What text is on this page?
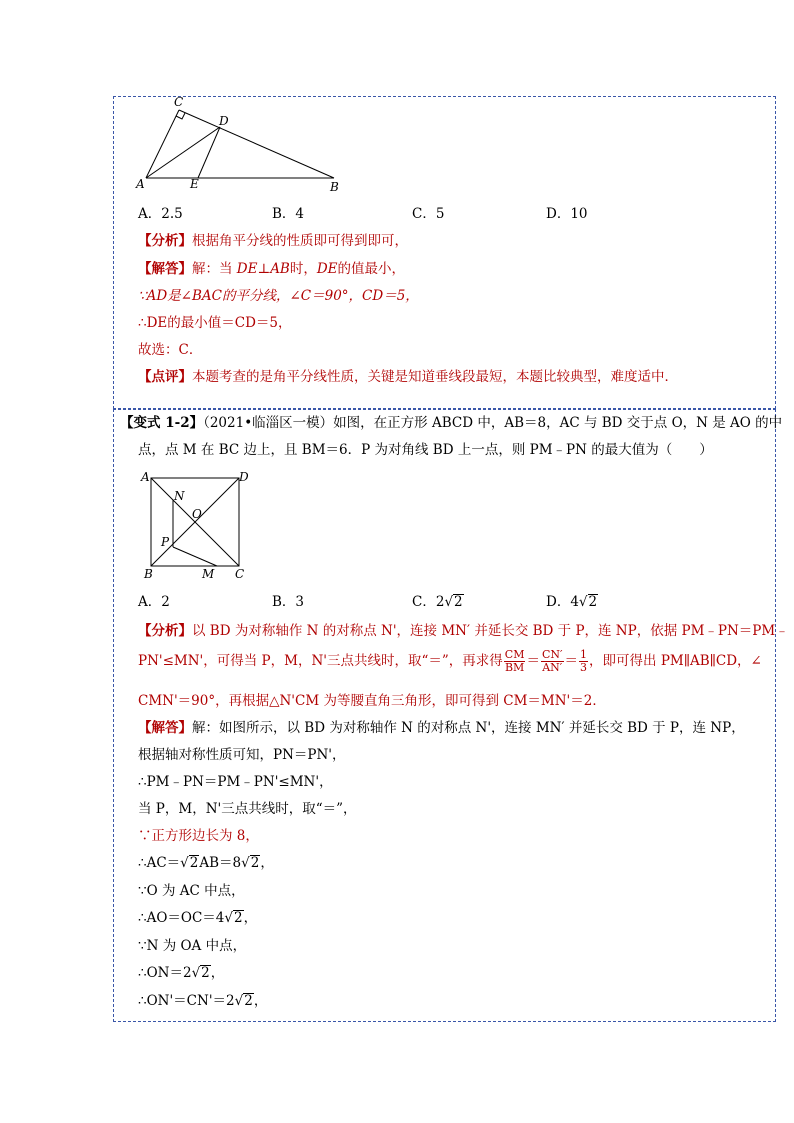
C
D
A	E	B
A．2.5	B．4	C．5	D．10
【分析】根据角平分线的性质即可得到即可，
【解答】解：当 DE⊥AB时，DE的值最小，
∵AD是∠BAC的平分线，∠C＝90°，CD＝5，
∴DE的最小值＝CD＝5，
故选：C．
【点评】本题考查的是角平分线性质，关键是知道垂线段最短，本题比较典型，难度适中．
【变式 1-2】（2021•临淄区一模）如图，在正方形 ABCD 中，AB＝8，AC 与 BD 交于点 O，N 是 AO 的中
点，点 M 在 BC 边上，且 BM＝6．P 为对角线 BD 上一点，则 PM﹣PN 的最大值为（　　）
A	D
N
O
P
B	M C
A．2	B．3	C．2√2	D．4√2
【分析】以 BD 为对称轴作 N 的对称点 N'，连接 MN′ 并延长交 BD 于 P，连 NP，依据 PM﹣PN＝PM﹣
PN'≤MN'，可得当 P，M，N'三点共线时，取“＝”，再求得 $\frac{CM}{BM} = \frac{CN'}{AN'} = \frac{1}{3}$ ，即可得出 PM∥AB∥CD，∠
CMN'＝90°，再根据△N'CM 为等腰直角三角形，即可得到 CM＝MN'＝2．
【解答】解：如图所示，以 BD 为对称轴作 N 的对称点 N'，连接 MN′ 并延长交 BD 于 P，连 NP，
根据轴对称性质可知，PN＝PN'，
∴PM﹣PN＝PM﹣PN'≤MN'，
当 P，M，N'三点共线时，取“＝”，
∵正方形边长为 8，
∴AC＝√2AB＝8√2，
∵O 为 AC 中点，
∴AO＝OC＝4√2，
∵N 为 OA 中点，
∴ON＝2√2，
∴ON'＝CN'＝2√2，
